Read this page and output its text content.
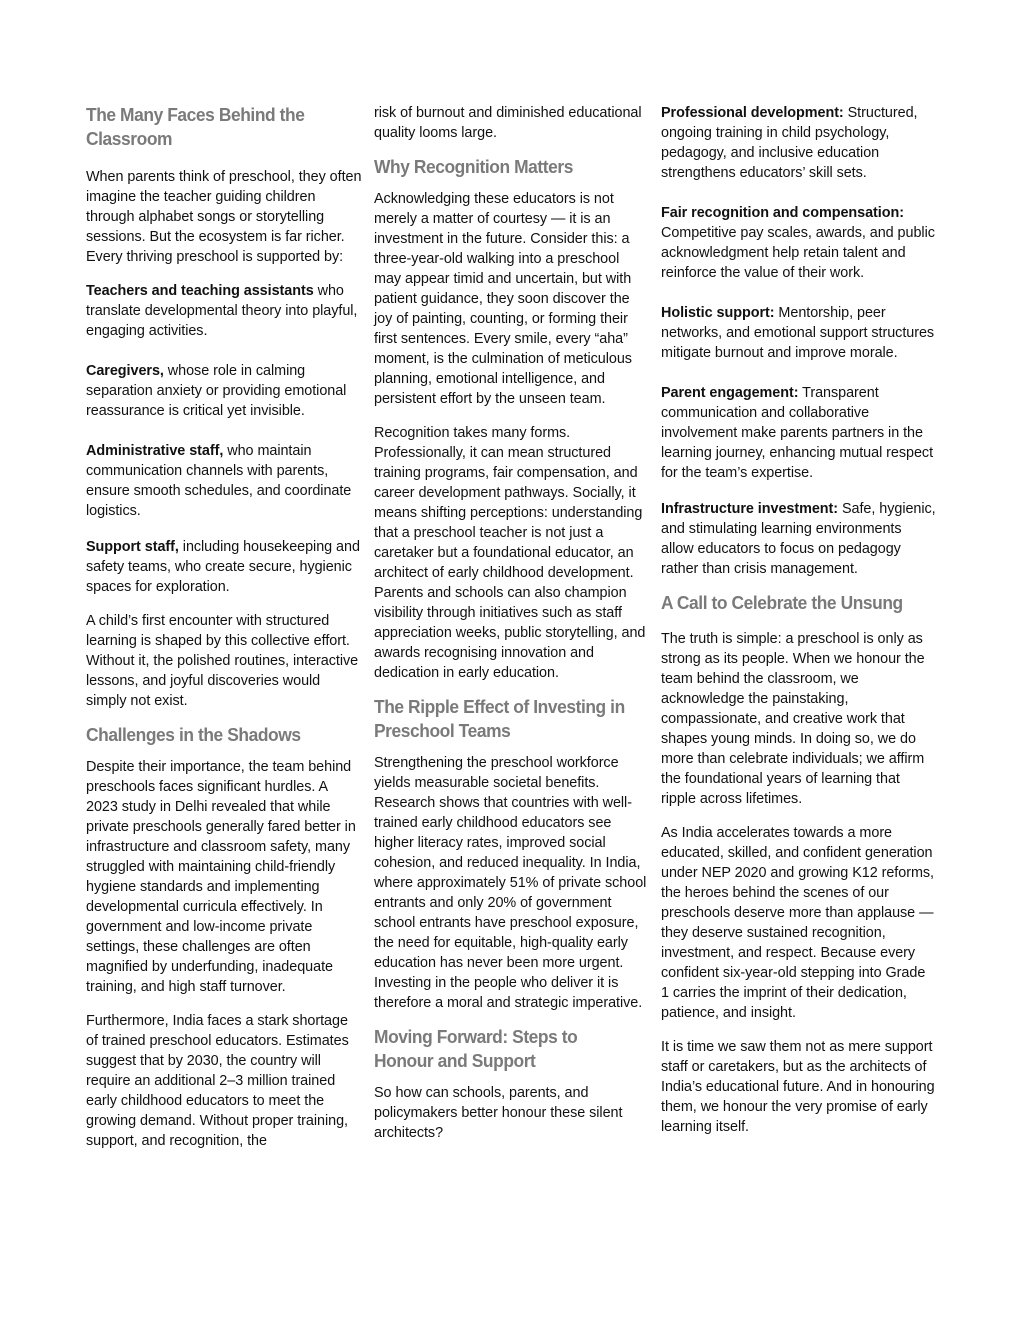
The Many Faces Behind the Classroom

When parents think of preschool, they often imagine the teacher guiding children through alphabet songs or storytelling sessions. But the ecosystem is far richer. Every thriving preschool is supported by:

Teachers and teaching assistants who translate developmental theory into playful, engaging activities.

Caregivers, whose role in calming separation anxiety or providing emotional reassurance is critical yet invisible.

Administrative staff, who maintain communication channels with parents, ensure smooth schedules, and coordinate logistics.

Support staff, including housekeeping and safety teams, who create secure, hygienic spaces for exploration.

A child’s first encounter with structured learning is shaped by this collective effort. Without it, the polished routines, interactive lessons, and joyful discoveries would simply not exist.

Challenges in the Shadows

Despite their importance, the team behind preschools faces significant hurdles. A 2023 study in Delhi revealed that while private preschools generally fared better in infrastructure and classroom safety, many struggled with maintaining child-friendly hygiene standards and implementing developmental curricula effectively. In government and low-income private settings, these challenges are often magnified by underfunding, inadequate training, and high staff turnover.

Furthermore, India faces a stark shortage of trained preschool educators. Estimates suggest that by 2030, the country will require an additional 2–3 million trained early childhood educators to meet the growing demand. Without proper training, support, and recognition, the

risk of burnout and diminished educational quality looms large.

Why Recognition Matters

Acknowledging these educators is not merely a matter of courtesy — it is an investment in the future. Consider this: a three-year-old walking into a preschool may appear timid and uncertain, but with patient guidance, they soon discover the joy of painting, counting, or forming their first sentences. Every smile, every “aha” moment, is the culmination of meticulous planning, emotional intelligence, and persistent effort by the unseen team.

Recognition takes many forms. Professionally, it can mean structured training programs, fair compensation, and career development pathways. Socially, it means shifting perceptions: understanding that a preschool teacher is not just a caretaker but a foundational educator, an architect of early childhood development. Parents and schools can also champion visibility through initiatives such as staff appreciation weeks, public storytelling, and awards recognising innovation and dedication in early education.

The Ripple Effect of Investing in Preschool Teams

Strengthening the preschool workforce yields measurable societal benefits. Research shows that countries with well-trained early childhood educators see higher literacy rates, improved social cohesion, and reduced inequality. In India, where approximately 51% of private school entrants and only 20% of government school entrants have preschool exposure, the need for equitable, high-quality early education has never been more urgent. Investing in the people who deliver it is therefore a moral and strategic imperative.

Moving Forward: Steps to Honour and Support

So how can schools, parents, and policymakers better honour these silent architects?

Professional development: Structured, ongoing training in child psychology, pedagogy, and inclusive education strengthens educators’ skill sets.

Fair recognition and compensation: Competitive pay scales, awards, and public acknowledgment help retain talent and reinforce the value of their work.

Holistic support: Mentorship, peer networks, and emotional support structures mitigate burnout and improve morale.

Parent engagement: Transparent communication and collaborative involvement make parents partners in the learning journey, enhancing mutual respect for the team’s expertise.

Infrastructure investment: Safe, hygienic, and stimulating learning environments allow educators to focus on pedagogy rather than crisis management.

A Call to Celebrate the Unsung

The truth is simple: a preschool is only as strong as its people. When we honour the team behind the classroom, we acknowledge the painstaking, compassionate, and creative work that shapes young minds. In doing so, we do more than celebrate individuals; we affirm the foundational years of learning that ripple across lifetimes.

As India accelerates towards a more educated, skilled, and confident generation under NEP 2020 and growing K12 reforms, the heroes behind the scenes of our preschools deserve more than applause — they deserve sustained recognition, investment, and respect. Because every confident six-year-old stepping into Grade 1 carries the imprint of their dedication, patience, and insight.

It is time we saw them not as mere support staff or caretakers, but as the architects of India’s educational future. And in honouring them, we honour the very promise of early learning itself.
